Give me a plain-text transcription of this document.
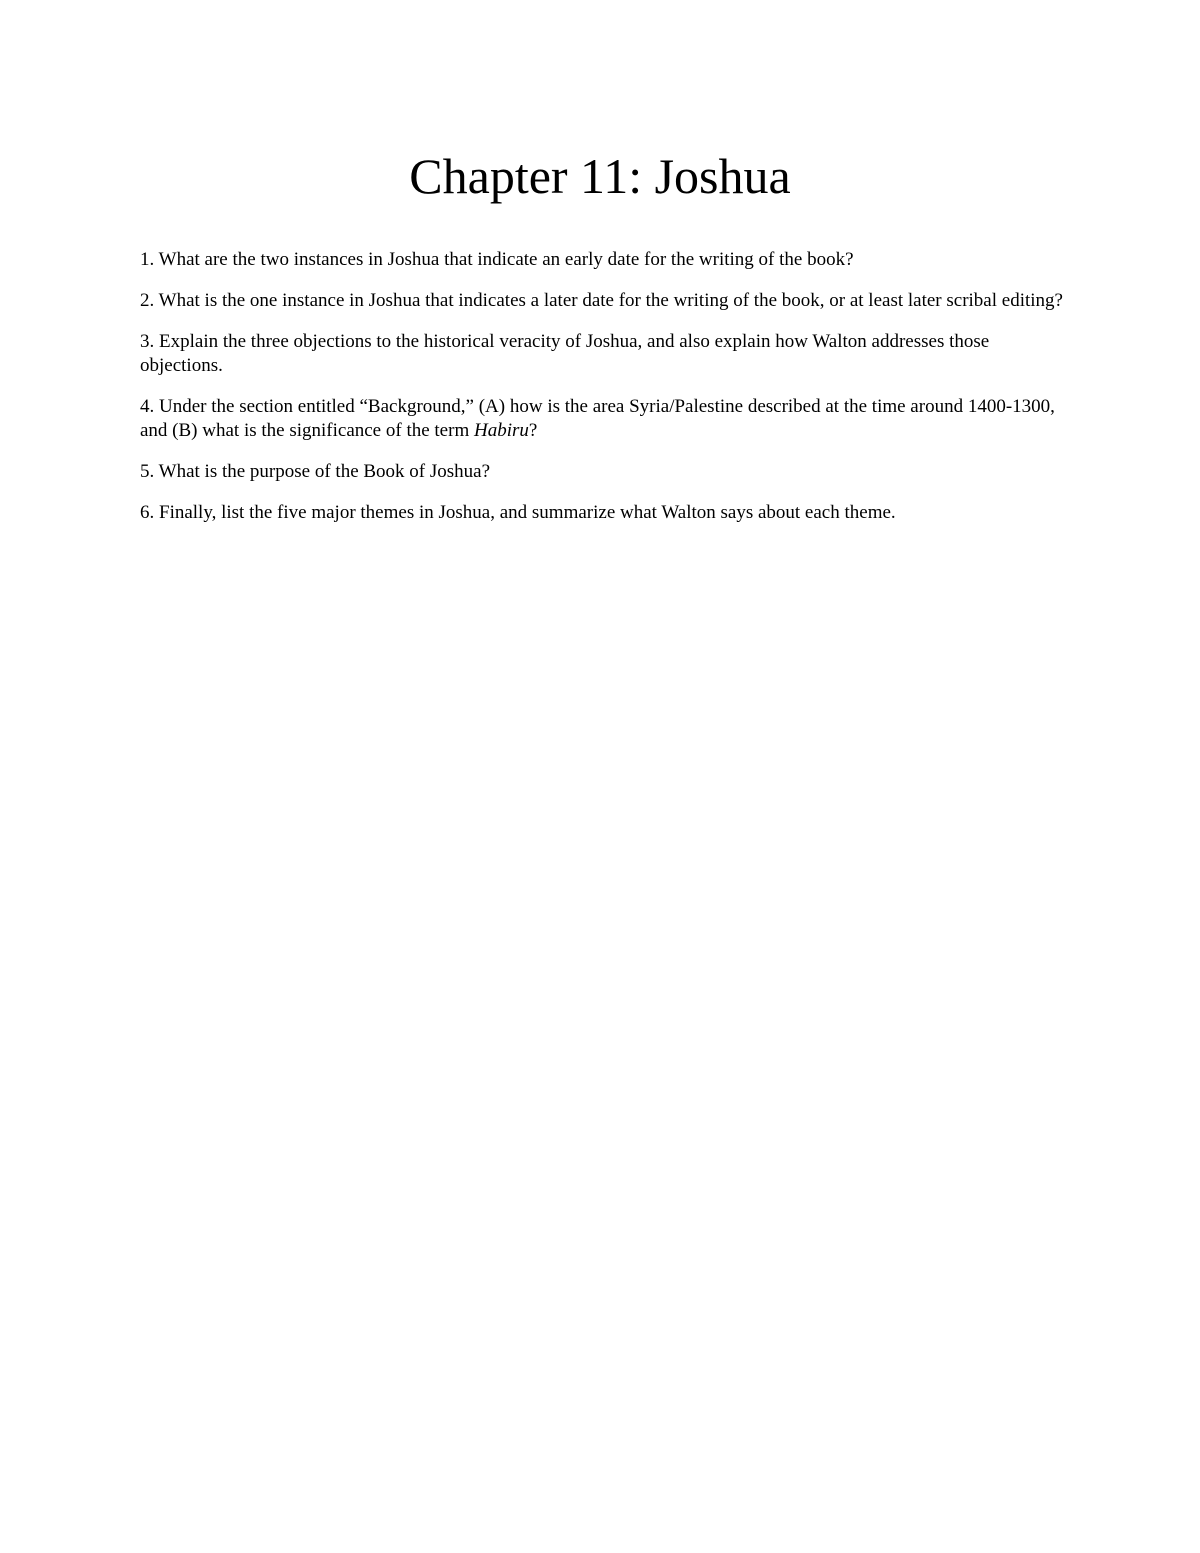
Chapter 11: Joshua
1. What are the two instances in Joshua that indicate an early date for the writing of the book?
2. What is the one instance in Joshua that indicates a later date for the writing of the book, or at least later scribal editing?
3. Explain the three objections to the historical veracity of Joshua, and also explain how Walton addresses those objections.
4. Under the section entitled “Background,” (A) how is the area Syria/Palestine described at the time around 1400-1300, and (B) what is the significance of the term Habiru?
5. What is the purpose of the Book of Joshua?
6. Finally, list the five major themes in Joshua, and summarize what Walton says about each theme.
